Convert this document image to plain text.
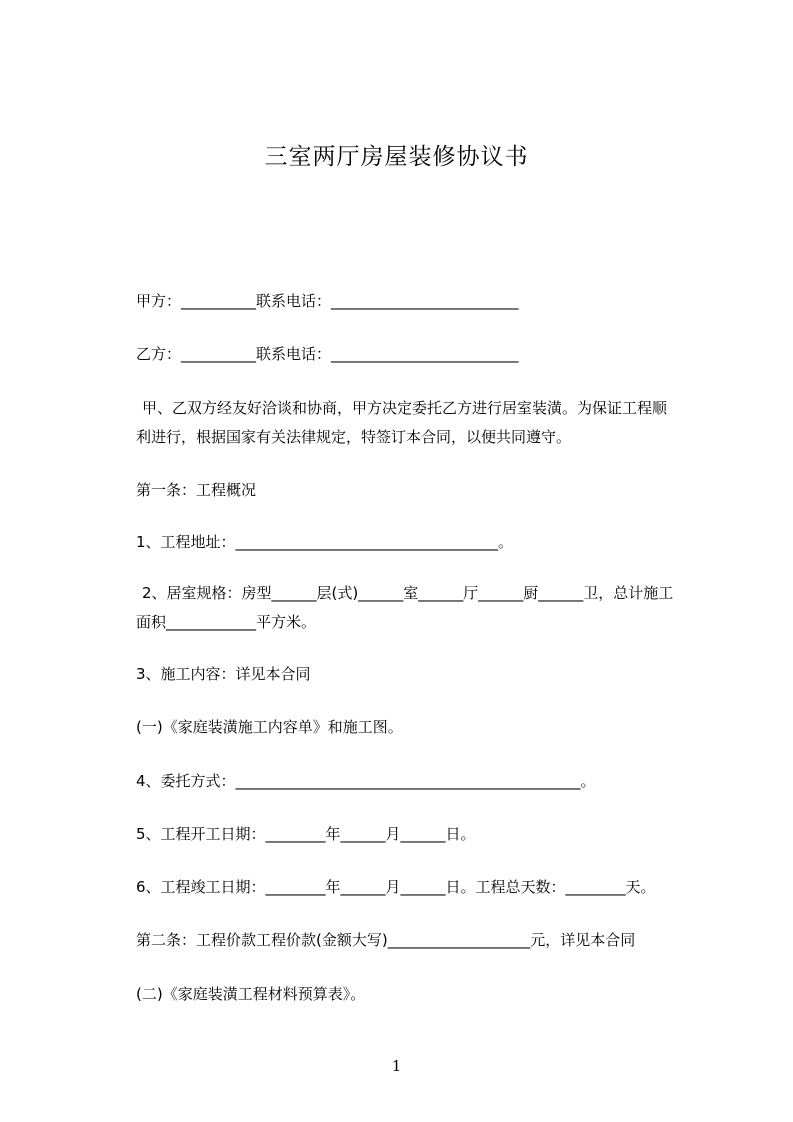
三室两厅房屋装修协议书
甲方：__________联系电话：_________________________
乙方：__________联系电话：_________________________
甲、乙双方经友好洽谈和协商，甲方决定委托乙方进行居室装潢。为保证工程顺
利进行，根据国家有关法律规定，特签订本合同，以便共同遵守。
第一条：工程概况
1、工程地址：___________________________________。
2、居室规格：房型______层(式)______室______厅______厨______卫，总计施工
面积____________平方米。
3、施工内容：详见本合同
(一)《家庭装潢施工内容单》和施工图。
4、委托方式：______________________________________________。
5、工程开工日期：________年______月______日。
6、工程竣工日期：________年______月______日。工程总天数：________天。
第二条：工程价款工程价款(金额大写)___________________元，详见本合同
(二)《家庭装潢工程材料预算表》。
1
